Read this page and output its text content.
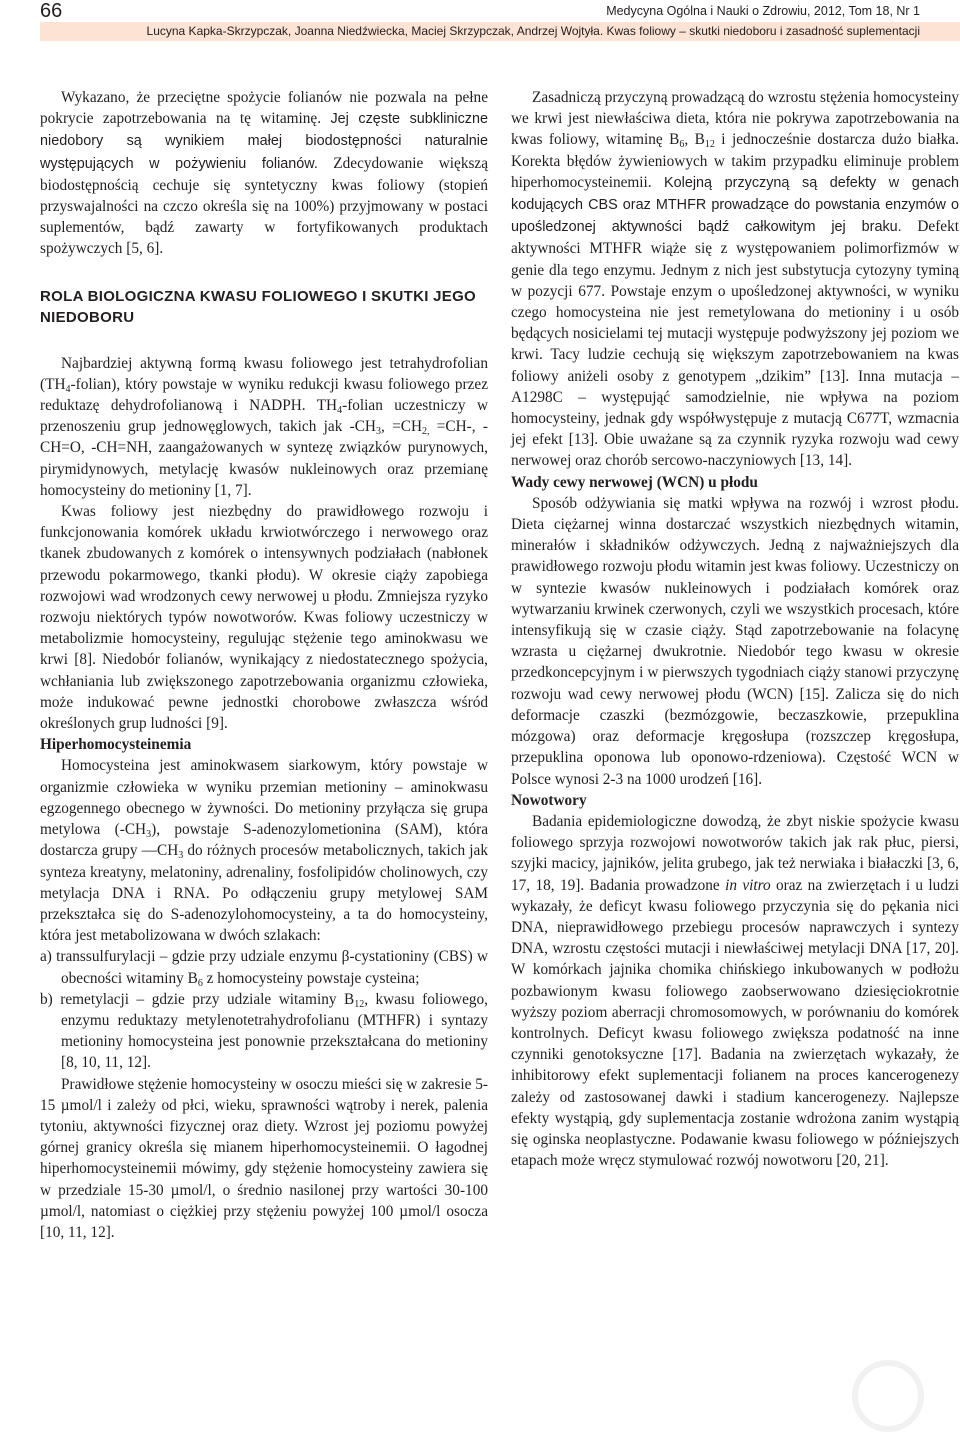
66	Medycyna Ogólna i Nauki o Zdrowiu, 2012, Tom 18, Nr 1
Lucyna Kapka-Skrzypczak, Joanna Niedźwiecka, Maciej Skrzypczak, Andrzej Wojtyła. Kwas foliowy – skutki niedoboru i zasadność suplementacji

Wykazano, że przeciętne spożycie folianów nie pozwala na pełne pokrycie zapotrzebowania na tę witaminę. Jej częste subkliniczne niedobory są wynikiem małej biodostępności naturalnie występujących w pożywieniu folianów. Zdecydowanie większą biodostępnością cechuje się syntetyczny kwas foliowy (stopień przyswajalności na czczo określa się na 100%) przyjmowany w postaci suplementów, bądź zawarty w fortyfikowanych produktach spożywczych [5, 6].

ROLA BIOLOGICZNA KWASU FOLIOWEGO I SKUTKI JEGO NIEDOBORU

Najbardziej aktywną formą kwasu foliowego jest tetrahydrofolian $(TH_4-folian)$, który powstaje w wyniku redukcji kwasu foliowego przez reduktazę dehydrofolianową i NADPH. $TH_4$-folian uczestniczy w przenoszeniu grup jednowęglowych, takich jak $-CH_3$, $=CH_{2,} =CH-$, -CH=O, -CH=NH, zaangażowanych w syntezę związków purynowych, pirymidynowych, metylację kwasów nukleinowych oraz przemianę homocysteiny do metioniny [1, 7].

Kwas foliowy jest niezbędny do prawidłowego rozwoju i funkcjonowania komórek układu krwiotwórczego i nerwowego oraz tkanek zbudowanych z komórek o intensywnych podziałach (nabłonek przewodu pokarmowego, tkanki płodu). W okresie ciąży zapobiega rozwojowi wad wrodzonych cewy nerwowej u płodu. Zmniejsza ryzyko rozwoju niektórych typów nowotworów. Kwas foliowy uczestniczy w metabolizmie homocysteiny, regulując stężenie tego aminokwasu we krwi [8]. Niedobór folianów, wynikający z niedostatecznego spożycia, wchłaniania lub zwiększonego zapotrzebowania organizmu człowieka, może indukować pewne jednostki chorobowe zwłaszcza wśród określonych grup ludności [9].

Hiperhomocysteinemia

Homocysteina jest aminokwasem siarkowym, który powstaje w organizmie człowieka w wyniku przemian metioniny – aminokwasu egzogennego obecnego w żywności. Do metioniny przyłącza się grupa metylowa $(-CH_3)$, powstaje S-adenozylometionina (SAM), która dostarcza grupy $—CH_3$ do różnych procesów metabolicznych, takich jak synteza kreatyny, melatoniny, adrenaliny, fosfolipidów cholinowych, czy metylacja DNA i RNA. Po odłączeniu grupy metylowej SAM przekształca się do S-adenozylohomocysteiny, a ta do homocysteiny, która jest metabolizowana w dwóch szlakach:

a) transsulfurylacji – gdzie przy udziale enzymu β-cystationiny (CBS) w obecności witaminy $B_6$ z homocysteiny powstaje cysteina;

b) remetylacji – gdzie przy udziale witaminy $B_{12}$, kwasu foliowego, enzymu reduktazy metylenotetrahydrofolianu (MTHFR) i syntazy metioniny homocysteina jest ponownie przekształcana do metioniny [8, 10, 11, 12].

Prawidłowe stężenie homocysteiny w osoczu mieści się w zakresie 5-15 µmol/l i zależy od płci, wieku, sprawności wątroby i nerek, palenia tytoniu, aktywności fizycznej oraz diety. Wzrost jej poziomu powyżej górnej granicy określa się mianem hiperhomocysteinemii. O łagodnej hiperhomocysteinemii mówimy, gdy stężenie homocysteiny zawiera się w przedziale 15-30 µmol/l, o średnio nasilonej przy wartości 30-100 µmol/l, natomiast o ciężkiej przy stężeniu powyżej 100 µmol/l osocza [10, 11, 12].

Zasadniczą przyczyną prowadzącą do wzrostu stężenia homocysteiny we krwi jest niewłaściwa dieta, która nie pokrywa zapotrzebowania na kwas foliowy, witaminę $B_6$, $B_{12}$ i jednocześnie dostarcza dużo białka. Korekta błędów żywieniowych w takim przypadku eliminuje problem hiperhomocysteinemii. Kolejną przyczyną są defekty w genach kodujących CBS oraz MTHFR prowadzące do powstania enzymów o upośledzonej aktywności bądź całkowitym jej braku. Defekt aktywności MTHFR wiąże się z występowaniem polimorfizmów w genie dla tego enzymu. Jednym z nich jest substytucja cytozyny tyminą w pozycji 677. Powstaje enzym o upośledzonej aktywności, w wyniku czego homocysteina nie jest remetylowana do metioniny i u osób będących nosicielami tej mutacji występuje podwyższony jej poziom we krwi. Tacy ludzie cechują się większym zapotrzebowaniem na kwas foliowy aniżeli osoby z genotypem „dzikim” [13]. Inna mutacja – A1298C – występująć samodzielnie, nie wpływa na poziom homocysteiny, jednak gdy współwystępuje z mutacją C677T, wzmacnia jej efekt [13]. Obie uważane są za czynnik ryzyka rozwoju wad cewy nerwowej oraz chorób sercowo-naczyniowych [13, 14].

Wady cewy nerwowej (WCN) u płodu

Sposób odżywiania się matki wpływa na rozwój i wzrost płodu. Dieta ciężarnej winna dostarczać wszystkich niezbędnych witamin, minerałów i składników odżywczych. Jedną z najważniejszych dla prawidłowego rozwoju płodu witamin jest kwas foliowy. Uczestniczy on w syntezie kwasów nukleinowych i podziałach komórek oraz wytwarzaniu krwinek czerwonych, czyli we wszystkich procesach, które intensyfikują się w czasie ciąży. Stąd zapotrzebowanie na folacynę wzrasta u ciężarnej dwukrotnie. Niedobór tego kwasu w okresie przedkoncepcyjnym i w pierwszych tygodniach ciąży stanowi przyczynę rozwoju wad cewy nerwowej płodu (WCN) [15]. Zalicza się do nich deformacje czaszki (bezmózgowie, beczaszkowie, przepuklina mózgowa) oraz deformacje kręgosłupa (rozszczep kręgosłupa, przepuklina oponowa lub oponowo-rdzeniowa). Częstość WCN w Polsce wynosi 2-3 na 1000 urodzeń [16].

Nowotwory

Badania epidemiologiczne dowodzą, że zbyt niskie spożycie kwasu foliowego sprzyja rozwojowi nowotworów takich jak rak płuc, piersi, szyjki macicy, jajników, jelita grubego, jak też nerwiaka i białaczki [3, 6, 17, 18, 19]. Badania prowadzone in vitro oraz na zwierzętach i u ludzi wykazały, że deficyt kwasu foliowego przyczynia się do pękania nici DNA, nieprawidłowego przebiegu procesów naprawczych i syntezy DNA, wzrostu częstości mutacji i niewłaściwej metylacji DNA [17, 20]. W komórkach jajnika chomika chińskiego inkubowanych w podłożu pozbawionym kwasu foliowego zaobserwowano dziesięciokrotnie wyższy poziom aberracji chromosomowych, w porównaniu do komórek kontrolnych. Deficyt kwasu foliowego zwiększa podatność na inne czynniki genotoksyczne [17]. Badania na zwierzętach wykazały, że inhibitorowy efekt suplementacji folianem na proces kancerogenezy zależy od zastosowanej dawki i stadium kancerogenezy. Najlepsze efekty wystąpią, gdy suplementacja zostanie wdrożona zanim wystąpią się oginska neoplastyczne. Podawanie kwasu foliowego w późniejszych etapach może wręcz stymulować rozwój nowotworu [20, 21].
